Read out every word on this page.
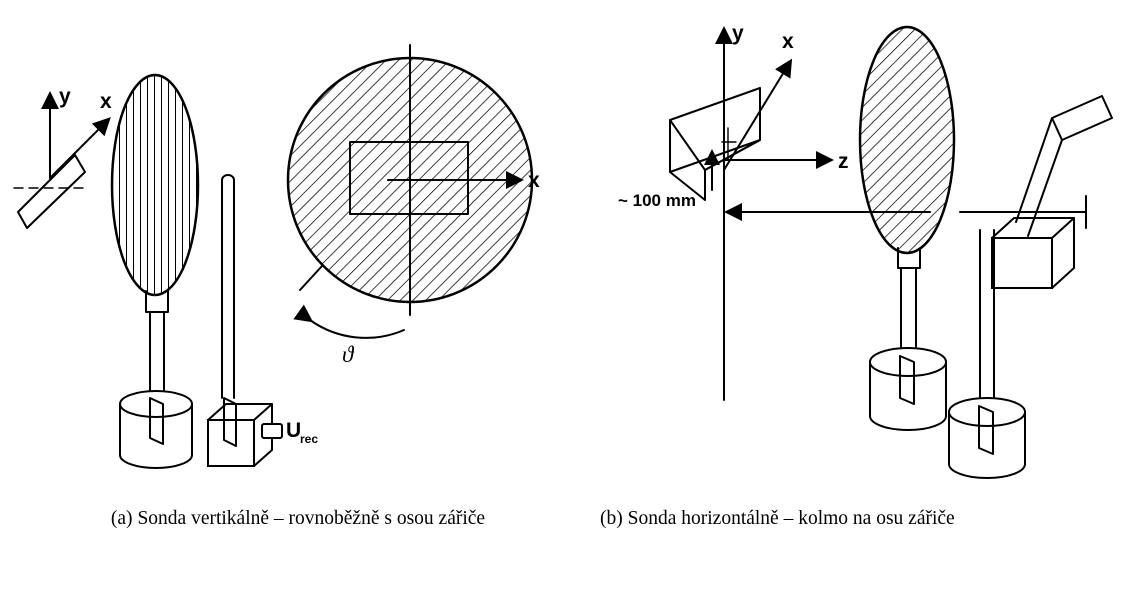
y x
U
rec
x
ϑ
y x
z
~ 100 mm
(a) Sonda vertikálně – rovnoběžně s osou zářiče	(b) Sonda horizontálně – kolmo na osu zářiče
